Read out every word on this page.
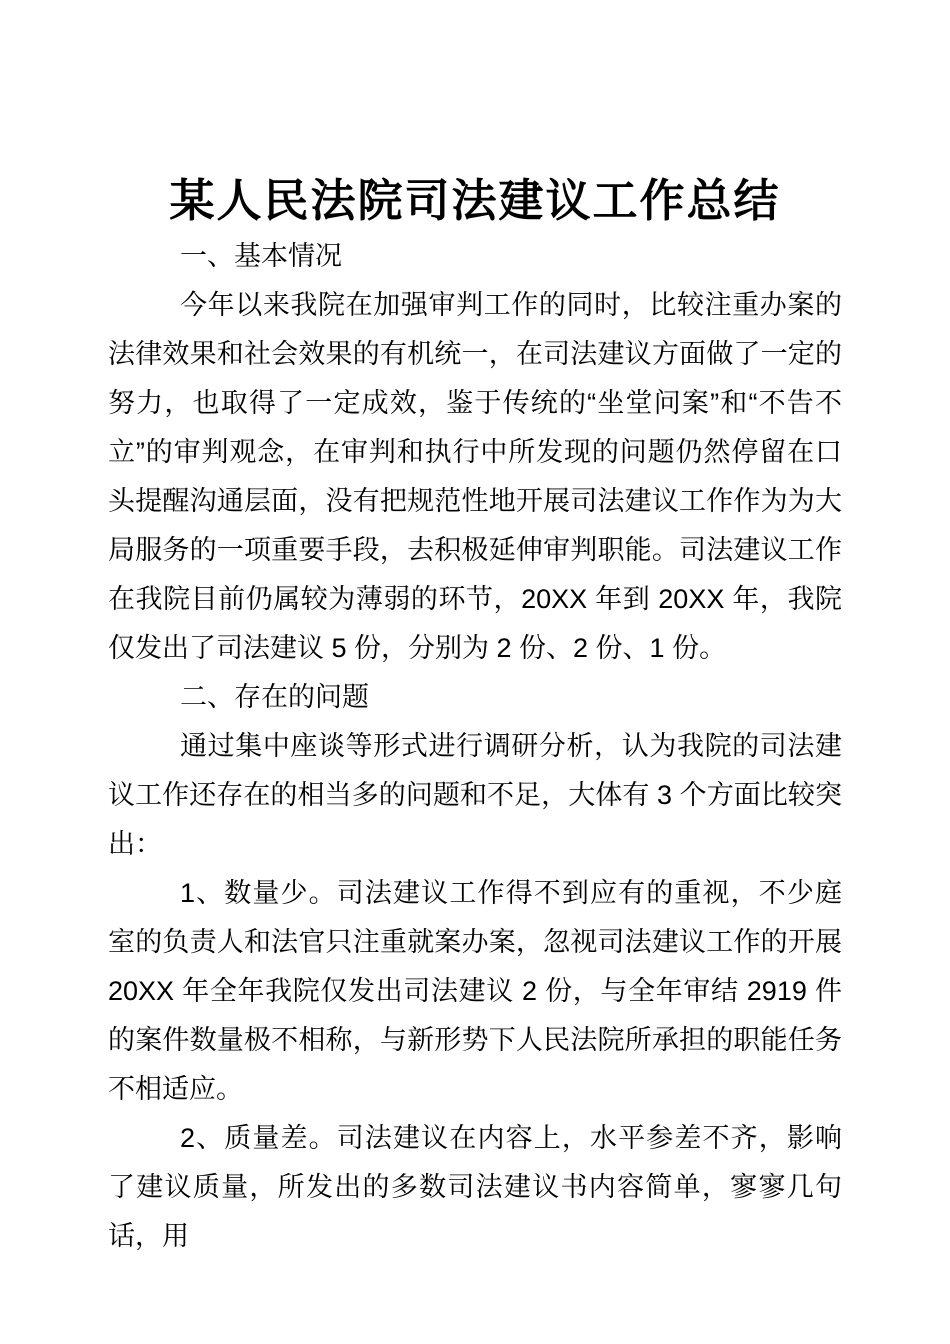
某人民法院司法建议工作总结

一、基本情况

今年以来我院在加强审判工作的同时，比较注重办案的法律效果和社会效果的有机统一，在司法建议方面做了一定的努力，也取得了一定成效，鉴于传统的“坐堂问案”和“不告不立”的审判观念，在审判和执行中所发现的问题仍然停留在口头提醒沟通层面，没有把规范性地开展司法建议工作作为为大局服务的一项重要手段，去积极延伸审判职能。司法建议工作在我院目前仍属较为薄弱的环节，20XX 年到 20XX 年，我院仅发出了司法建议 5 份，分别为 2 份、2 份、1 份。

二、存在的问题

通过集中座谈等形式进行调研分析，认为我院的司法建议工作还存在的相当多的问题和不足，大体有 3 个方面比较突出：

1、数量少。司法建议工作得不到应有的重视，不少庭室的负责人和法官只注重就案办案，忽视司法建议工作的开展 20XX 年全年我院仅发出司法建议 2 份，与全年审结 2919 件的案件数量极不相称，与新形势下人民法院所承担的职能任务不相适应。

2、质量差。司法建议在内容上，水平参差不齐，影响了建议质量，所发出的多数司法建议书内容简单，寥寥几句话，用
